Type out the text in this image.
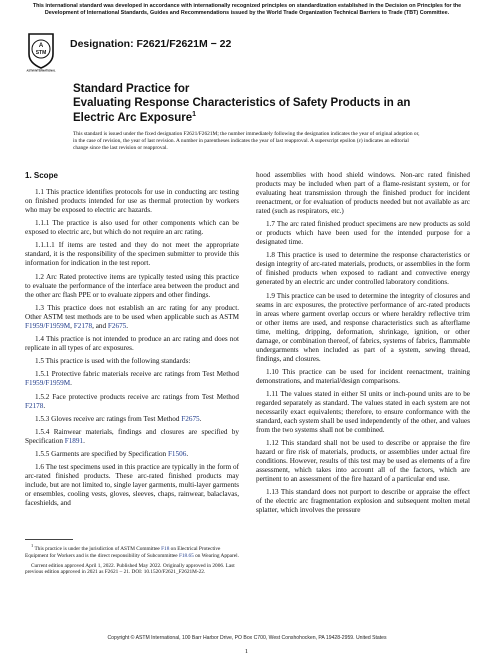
This international standard was developed in accordance with internationally recognized principles on standardization established in the Decision on Principles for the Development of International Standards, Guides and Recommendations issued by the World Trade Organization Technical Barriers to Trade (TBT) Committee.
A
STM
ASTM INTERNATIONAL
Designation: F2621/F2621M − 22
Standard Practice for
Evaluating Response Characteristics of Safety Products in an Electric Arc Exposure$^1$
This standard is issued under the fixed designation F2621/F2621M; the number immediately following the designation indicates the year of original adoption or, in the case of revision, the year of last revision. A number in parentheses indicates the year of last reapproval. A superscript epsilon (ε) indicates an editorial change since the last revision or reapproval.
1. Scope

1.1 This practice identifies protocols for use in conducting arc testing on finished products intended for use as thermal protection by workers who may be exposed to electric arc hazards.

1.1.1 The practice is also used for other components which can be exposed to electric arc, but which do not require an arc rating.

1.1.1.1 If items are tested and they do not meet the appropriate standard, it is the responsibility of the specimen submitter to provide this information for indication in the test report.

1.2 Arc Rated protective items are typically tested using this practice to evaluate the performance of the interface area between the product and the other arc flash PPE or to evaluate zippers and other findings.

1.3 This practice does not establish an arc rating for any product. Other ASTM test methods are to be used when applicable such as ASTM F1959/F1959M, F2178, and F2675.

1.4 This practice is not intended to produce an arc rating and does not replicate in all types of arc exposures.

1.5 This practice is used with the following standards:

1.5.1 Protective fabric materials receive arc ratings from Test Method F1959/F1959M.

1.5.2 Face protective products receive arc ratings from Test Method F2178.

1.5.3 Gloves receive arc ratings from Test Method F2675.

1.5.4 Rainwear materials, findings and closures are specified by Specification F1891.

1.5.5 Garments are specified by Specification F1506.

1.6 The test specimens used in this practice are typically in the form of arc-rated finished products. These arc-rated finished products may include, but are not limited to, single layer garments, multi-layer garments or ensembles, cooling vests, gloves, sleeves, chaps, rainwear, balaclavas, faceshields, and

$^1$ This practice is under the jurisdiction of ASTM Committee F18 on Electrical Protective Equipment for Workers and is the direct responsibility of Subcommittee F18.65 on Wearing Apparel.

Current edition approved April 1, 2022. Published May 2022. Originally approved in 2006. Last previous edition approved in 2021 as F2621 – 21. DOI: 10.1520/F2621_F2621M-22.

hood assemblies with hood shield windows. Non-arc rated finished products may be included when part of a flame-resistant system, or for evaluating heat transmission through the finished product for incident reenactment, or for evaluation of products needed but not available as arc rated (such as respirators, etc.)

1.7 The arc rated finished product specimens are new products as sold or products which have been used for the intended purpose for a designated time.

1.8 This practice is used to determine the response characteristics or design integrity of arc-rated materials, products, or assemblies in the form of finished products when exposed to radiant and convective energy generated by an electric arc under controlled laboratory conditions.

1.9 This practice can be used to determine the integrity of closures and seams in arc exposures, the protective performance of arc-rated products in areas where garment overlap occurs or where heraldry reflective trim or other items are used, and response characteristics such as afterflame time, melting, dripping, deformation, shrinkage, ignition, or other damage, or combination thereof, of fabrics, systems of fabrics, flammable undergarments when included as part of a system, sewing thread, findings, and closures.

1.10 This practice can be used for incident reenactment, training demonstrations, and material/design comparisons.

1.11 The values stated in either SI units or inch-pound units are to be regarded separately as standard. The values stated in each system are not necessarily exact equivalents; therefore, to ensure conformance with the standard, each system shall be used independently of the other, and values from the two systems shall not be combined.

1.12 This standard shall not be used to describe or appraise the fire hazard or fire risk of materials, products, or assemblies under actual fire conditions. However, results of this test may be used as elements of a fire assessment, which takes into account all of the factors, which are pertinent to an assessment of the fire hazard of a particular end use.

1.13 This standard does not purport to describe or appraise the effect of the electric arc fragmentation explosion and subsequent molten metal splatter, which involves the pressure

Copyright © ASTM International, 100 Barr Harbor Drive, PO Box C700, West Conshohocken, PA 19428-2959. United States
1
